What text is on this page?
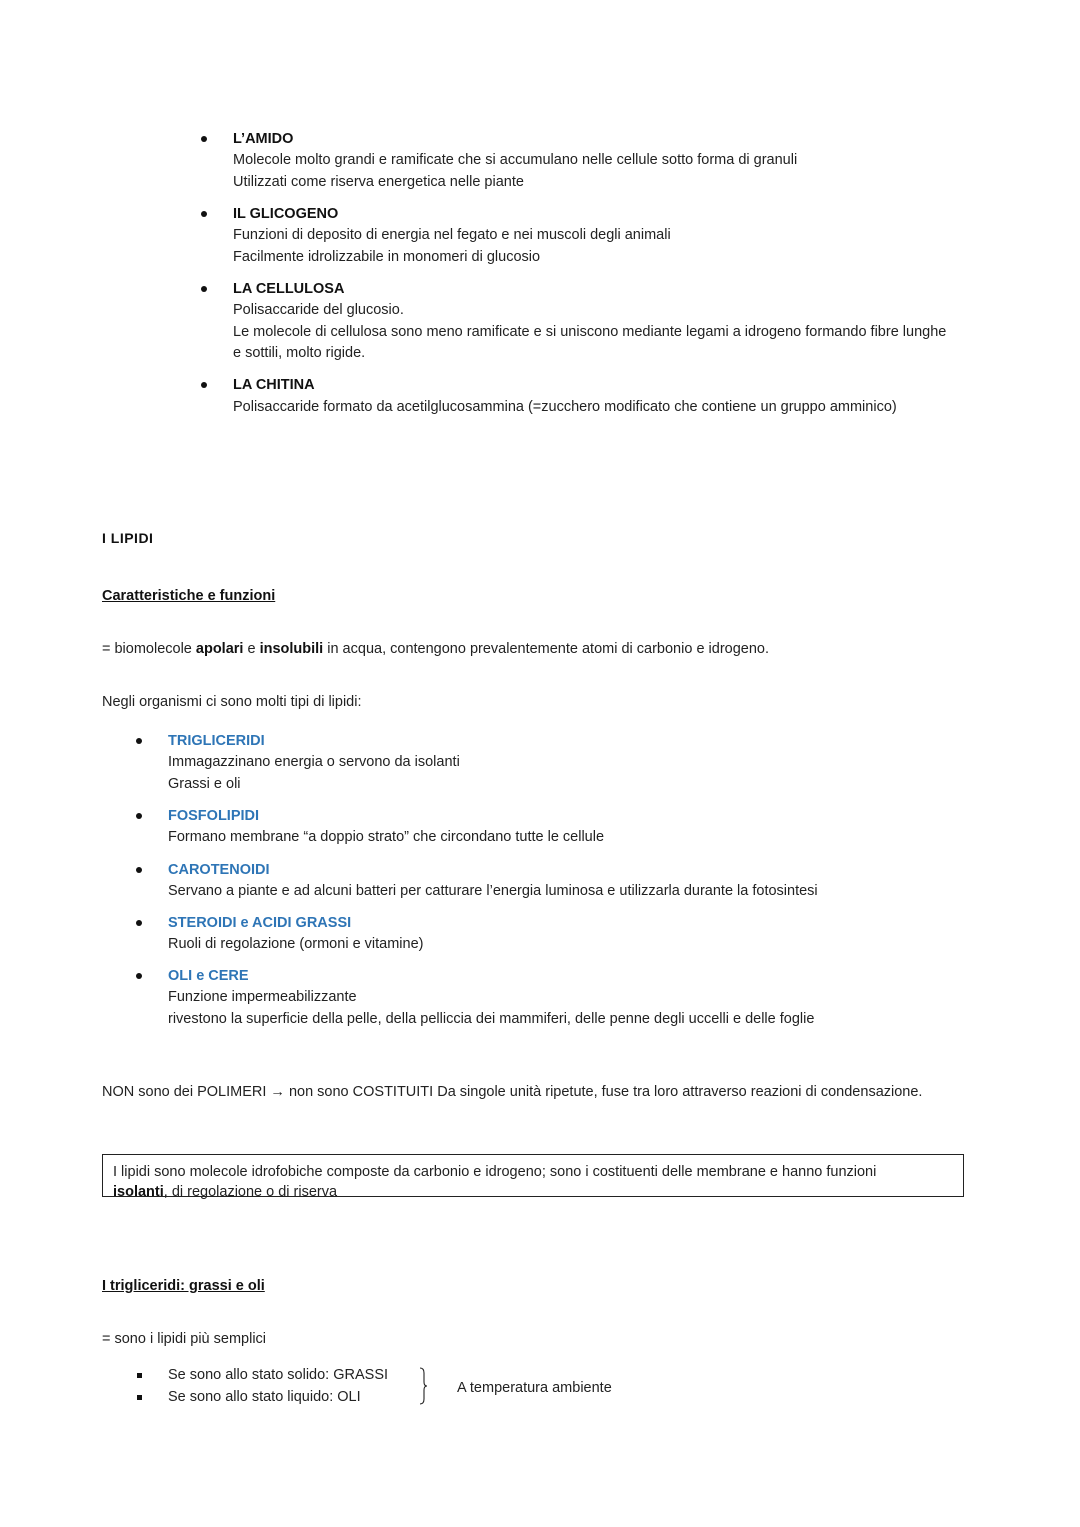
L’AMIDO
Molecole molto grandi e ramificate che si accumulano nelle cellule sotto forma di granuli
Utilizzati come riserva energetica nelle piante
IL GLICOGENO
Funzioni di deposito di energia nel fegato e nei muscoli degli animali
Facilmente idrolizzabile in monomeri di glucosio
LA CELLULOSA
Polisaccaride del glucosio.
Le molecole di cellulosa sono meno ramificate e si uniscono mediante legami a idrogeno formando fibre lunghe
e sottili, molto rigide.
LA CHITINA
Polisaccaride formato da acetilglucosammina (=zucchero modificato che contiene un gruppo amminico)
I LIPIDI
Caratteristiche e funzioni
= biomolecole apolari e insolubili in acqua, contengono prevalentemente atomi di carbonio e idrogeno.
Negli organismi ci sono molti tipi di lipidi:
TRIGLICERIDI
Immagazzinano energia o servono da isolanti
Grassi e oli
FOSFOLIPIDI
Formano membrane “a doppio strato” che circondano tutte le cellule
CAROTENOIDI
Servano a piante e ad alcuni batteri per catturare l’energia luminosa e utilizzarla durante la fotosintesi
STEROIDI e ACIDI GRASSI
Ruoli di regolazione (ormoni e vitamine)
OLI e CERE
Funzione impermeabilizzante
rivestono la superficie della pelle, della pelliccia dei mammiferi, delle penne degli uccelli e delle foglie
NON sono dei POLIMERI → non sono COSTITUITI Da singole unità ripetute, fuse tra loro attraverso reazioni di condensazione.
I lipidi sono molecole idrofobiche composte da carbonio e idrogeno; sono i costituenti delle membrane e hanno funzioni
isolanti, di regolazione o di riserva
I trigliceridi: grassi e oli
= sono i lipidi più semplici
Se sono allo stato solido: GRASSI
Se sono allo stato liquido: OLI
A temperatura ambiente
